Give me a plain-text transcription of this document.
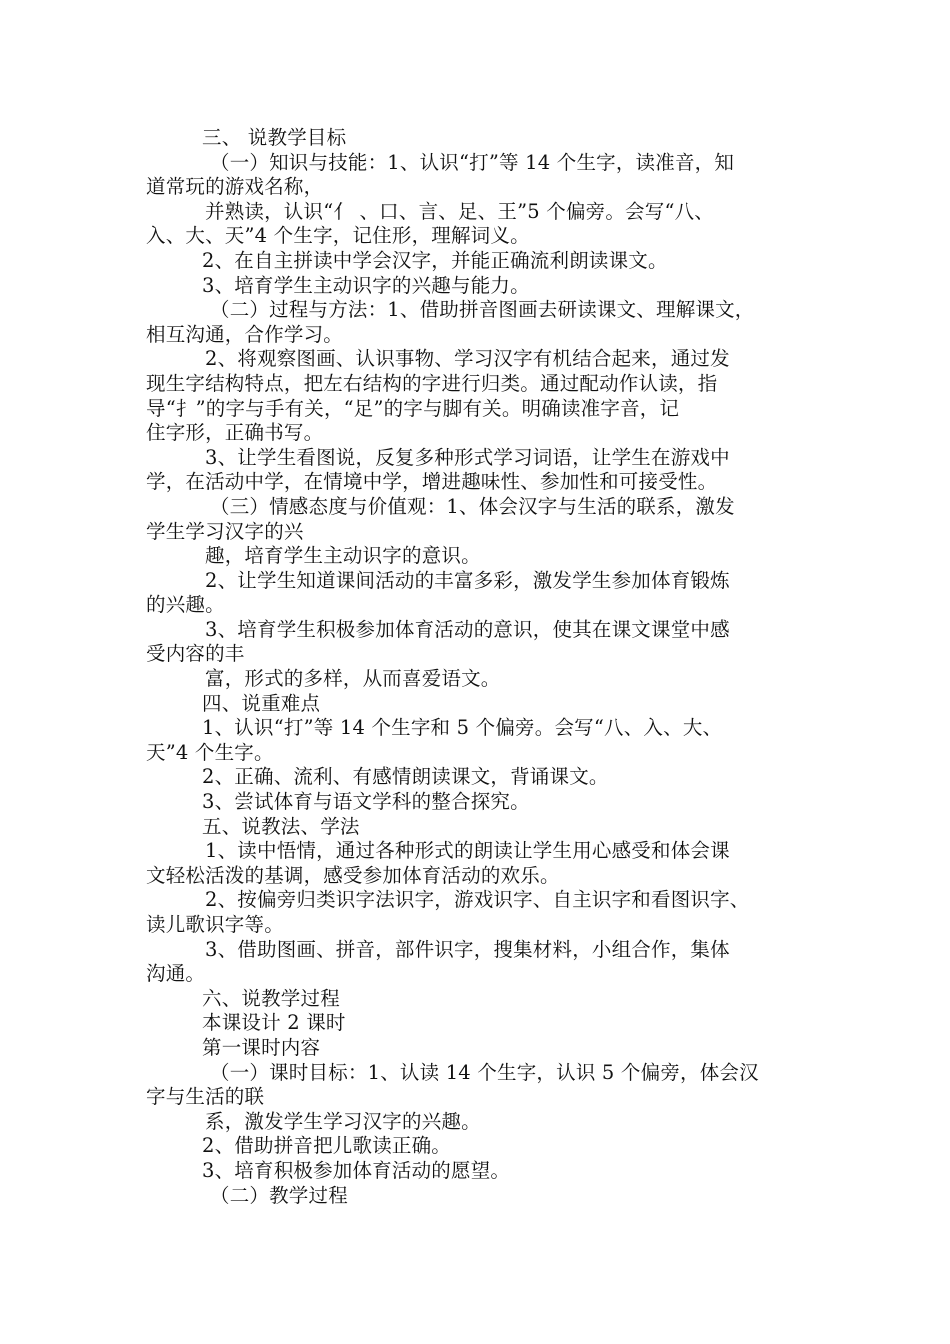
三、 说教学目标
（一）知识与技能：1、认识“打”等 14 个生字，读准音，知
道常玩的游戏名称，
并熟读，认识“亻 、口、言、足、王”5 个偏旁。会写“八、
入、大、天”4 个生字，记住形，理解词义。
2、在自主拼读中学会汉字，并能正确流利朗读课文。
3、培育学生主动识字的兴趣与能力。
（二）过程与方法：1、借助拼音图画去研读课文、理解课文，
相互沟通，合作学习。
2、将观察图画、认识事物、学习汉字有机结合起来，通过发
现生字结构特点，把左右结构的字进行归类。通过配动作认读，指
导“扌”的字与手有关，“足”的字与脚有关。明确读准字音，记
住字形，正确书写。
3、让学生看图说，反复多种形式学习词语，让学生在游戏中
学，在活动中学，在情境中学，增进趣味性、参加性和可接受性。
（三）情感态度与价值观：1、体会汉字与生活的联系，激发
学生学习汉字的兴
趣，培育学生主动识字的意识。
2、让学生知道课间活动的丰富多彩，激发学生参加体育锻炼
的兴趣。
3、培育学生积极参加体育活动的意识，使其在课文课堂中感
受内容的丰
富，形式的多样，从而喜爱语文。
四、说重难点
1、认识“打”等 14 个生字和 5 个偏旁。会写“八、入、大、
天”4 个生字。
2、正确、流利、有感情朗读课文，背诵课文。
3、尝试体育与语文学科的整合探究。
五、说教法、学法
1、读中悟情，通过各种形式的朗读让学生用心感受和体会课
文轻松活泼的基调，感受参加体育活动的欢乐。
2、按偏旁归类识字法识字，游戏识字、自主识字和看图识字、
读儿歌识字等。
3、借助图画、拼音，部件识字，搜集材料，小组合作，集体
沟通。
六、说教学过程
本课设计 2 课时
第一课时内容
（一）课时目标：1、认读 14 个生字，认识 5 个偏旁，体会汉
字与生活的联
系，激发学生学习汉字的兴趣。
2、借助拼音把儿歌读正确。
3、培育积极参加体育活动的愿望。
（二）教学过程
